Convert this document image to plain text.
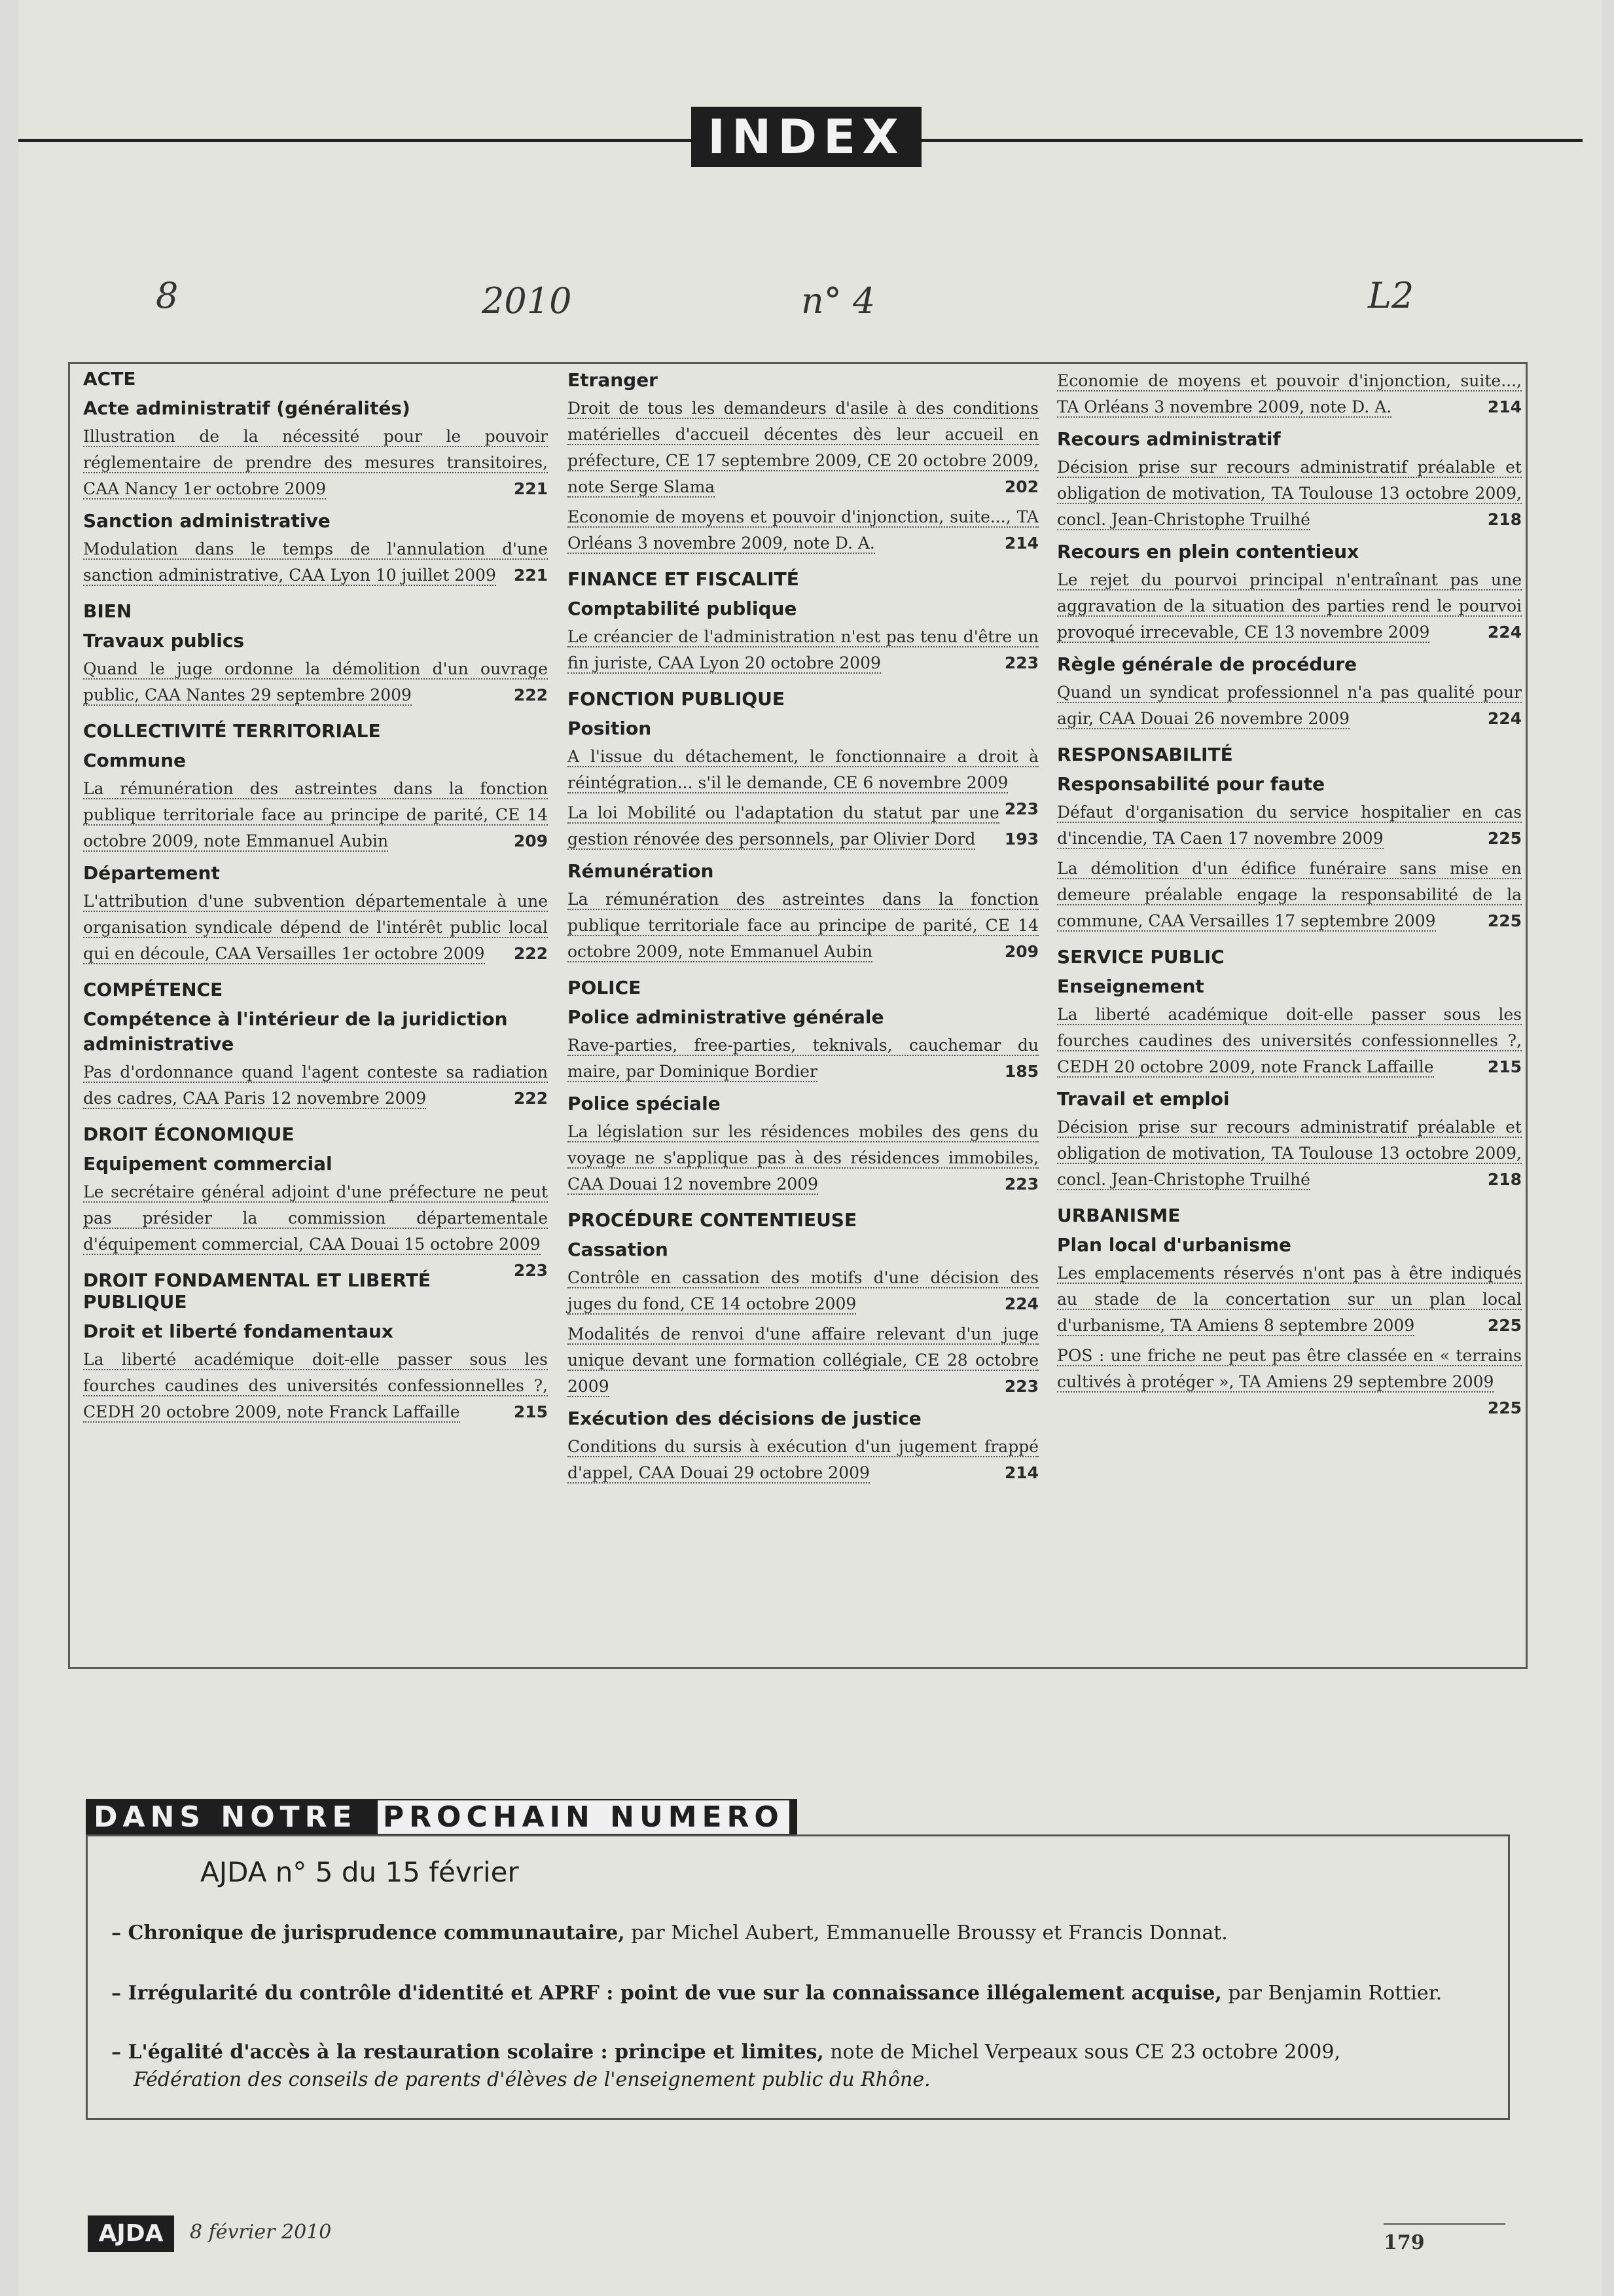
INDEX
8	2010	n° 4	L2
ACTE
Acte administratif (généralités)
Illustration de la nécessité pour le pouvoir réglementaire de prendre des mesures transitoires, CAA Nancy 1er octobre 2009	221
Sanction administrative
Modulation dans le temps de l'annulation d'une sanction administrative, CAA Lyon 10 juillet 2009 221
BIEN
Travaux publics
Quand le juge ordonne la démolition d'un ouvrage public, CAA Nantes 29 septembre 2009	222
COLLECTIVITÉ TERRITORIALE
Commune
La rémunération des astreintes dans la fonction publique territoriale face au principe de parité, CE 14 octobre 2009, note Emmanuel Aubin	209
Département
L'attribution d'une subvention départementale à une organisation syndicale dépend de l'intérêt public local qui en découle, CAA Versailles 1er octobre 2009 222
COMPÉTENCE
Compétence à l'intérieur de la juridiction administrative
Pas d'ordonnance quand l'agent conteste sa radiation des cadres, CAA Paris 12 novembre 2009	222
DROIT ÉCONOMIQUE
Equipement commercial
Le secrétaire général adjoint d'une préfecture ne peut pas présider la commission départementale d'équipement commercial, CAA Douai 15 octobre 2009
223
DROIT FONDAMENTAL ET LIBERTÉ PUBLIQUE
Droit et liberté fondamentaux
La liberté académique doit-elle passer sous les fourches caudines des universités confessionnelles ?, CEDH 20 octobre 2009, note Franck Laffaille	215
Etranger
Droit de tous les demandeurs d'asile à des conditions matérielles d'accueil décentes dès leur accueil en préfecture, CE 17 septembre 2009, CE 20 octobre 2009, note Serge Slama	202
Economie de moyens et pouvoir d'injonction, suite..., TA Orléans 3 novembre 2009, note D. A.	214
FINANCE ET FISCALITÉ
Comptabilité publique
Le créancier de l'administration n'est pas tenu d'être un fin juriste, CAA Lyon 20 octobre 2009	223
FONCTION PUBLIQUE
Position
A l'issue du détachement, le fonctionnaire a droit à réintégration... s'il le demande, CE 6 novembre 2009
223
La loi Mobilité ou l'adaptation du statut par une gestion rénovée des personnels, par Olivier Dord 193
Rémunération
La rémunération des astreintes dans la fonction publique territoriale face au principe de parité, CE 14 octobre 2009, note Emmanuel Aubin	209
POLICE
Police administrative générale
Rave-parties, free-parties, teknivals, cauchemar du maire, par Dominique Bordier	185
Police spéciale
La législation sur les résidences mobiles des gens du voyage ne s'applique pas à des résidences immobiles, CAA Douai 12 novembre 2009	223
PROCÉDURE CONTENTIEUSE
Cassation
Contrôle en cassation des motifs d'une décision des juges du fond, CE 14 octobre 2009	224
Modalités de renvoi d'une affaire relevant d'un juge unique devant une formation collégiale, CE 28 octobre 2009	223
Exécution des décisions de justice
Conditions du sursis à exécution d'un jugement frappé d'appel, CAA Douai 29 octobre 2009	214
Economie de moyens et pouvoir d'injonction, suite..., TA Orléans 3 novembre 2009, note D. A.	214
Recours administratif
Décision prise sur recours administratif préalable et obligation de motivation, TA Toulouse 13 octobre 2009, concl. Jean-Christophe Truilhé	218
Recours en plein contentieux
Le rejet du pourvoi principal n'entraînant pas une aggravation de la situation des parties rend le pourvoi provoqué irrecevable, CE 13 novembre 2009	224
Règle générale de procédure
Quand un syndicat professionnel n'a pas qualité pour agir, CAA Douai 26 novembre 2009	224
RESPONSABILITÉ
Responsabilité pour faute
Défaut d'organisation du service hospitalier en cas d'incendie, TA Caen 17 novembre 2009	225
La démolition d'un édifice funéraire sans mise en demeure préalable engage la responsabilité de la commune, CAA Versailles 17 septembre 2009	225
SERVICE PUBLIC
Enseignement
La liberté académique doit-elle passer sous les fourches caudines des universités confessionnelles ?, CEDH 20 octobre 2009, note Franck Laffaille	215
Travail et emploi
Décision prise sur recours administratif préalable et obligation de motivation, TA Toulouse 13 octobre 2009, concl. Jean-Christophe Truilhé	218
URBANISME
Plan local d'urbanisme
Les emplacements réservés n'ont pas à être indiqués au stade de la concertation sur un plan local d'urbanisme, TA Amiens 8 septembre 2009	225
POS : une friche ne peut pas être classée en « terrains cultivés à protéger », TA Amiens 29 septembre 2009
225
DANS NOTRE PROCHAIN NUMERO
AJDA n° 5 du 15 février
– Chronique de jurisprudence communautaire, par Michel Aubert, Emmanuelle Broussy et Francis Donnat.
– Irrégularité du contrôle d'identité et APRF : point de vue sur la connaissance illégalement acquise, par Benjamin Rottier.
– L'égalité d'accès à la restauration scolaire : principe et limites, note de Michel Verpeaux sous CE 23 octobre 2009,
Fédération des conseils de parents d'élèves de l'enseignement public du Rhône.
AJDA	8 février 2010	179
